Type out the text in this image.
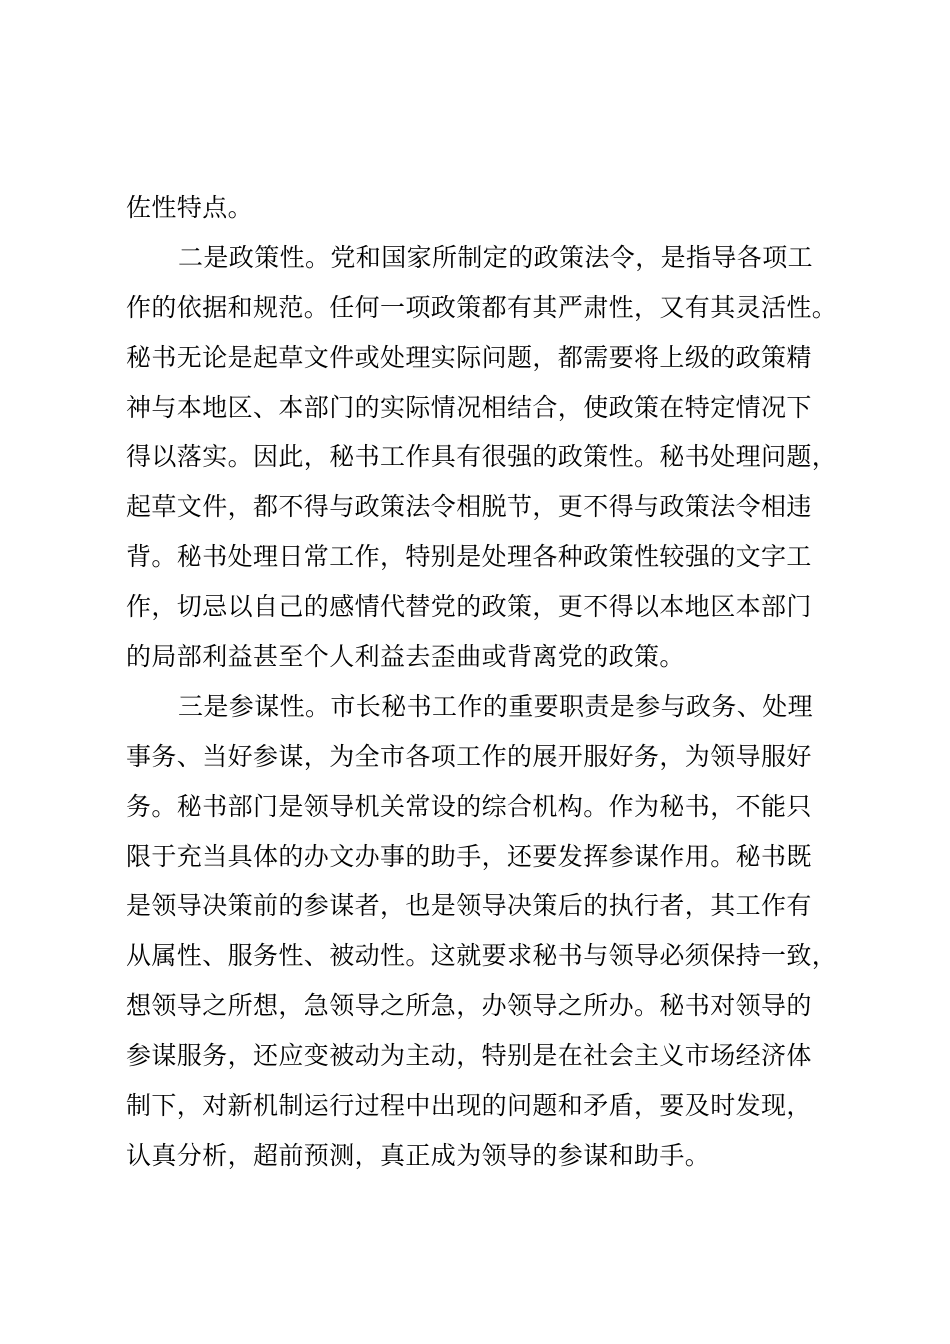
佐性特点。
二是政策性。党和国家所制定的政策法令，是指导各项工
作的依据和规范。任何一项政策都有其严肃性，又有其灵活性。
秘书无论是起草文件或处理实际问题，都需要将上级的政策精
神与本地区、本部门的实际情况相结合，使政策在特定情况下
得以落实。因此，秘书工作具有很强的政策性。秘书处理问题，
起草文件，都不得与政策法令相脱节，更不得与政策法令相违
背。秘书处理日常工作，特别是处理各种政策性较强的文字工
作，切忌以自己的感情代替党的政策，更不得以本地区本部门
的局部利益甚至个人利益去歪曲或背离党的政策。
三是参谋性。市长秘书工作的重要职责是参与政务、处理
事务、当好参谋，为全市各项工作的展开服好务，为领导服好
务。秘书部门是领导机关常设的综合机构。作为秘书，不能只
限于充当具体的办文办事的助手，还要发挥参谋作用。秘书既
是领导决策前的参谋者，也是领导决策后的执行者，其工作有
从属性、服务性、被动性。这就要求秘书与领导必须保持一致，
想领导之所想，急领导之所急，办领导之所办。秘书对领导的
参谋服务，还应变被动为主动，特别是在社会主义市场经济体
制下，对新机制运行过程中出现的问题和矛盾，要及时发现，
认真分析，超前预测，真正成为领导的参谋和助手。
